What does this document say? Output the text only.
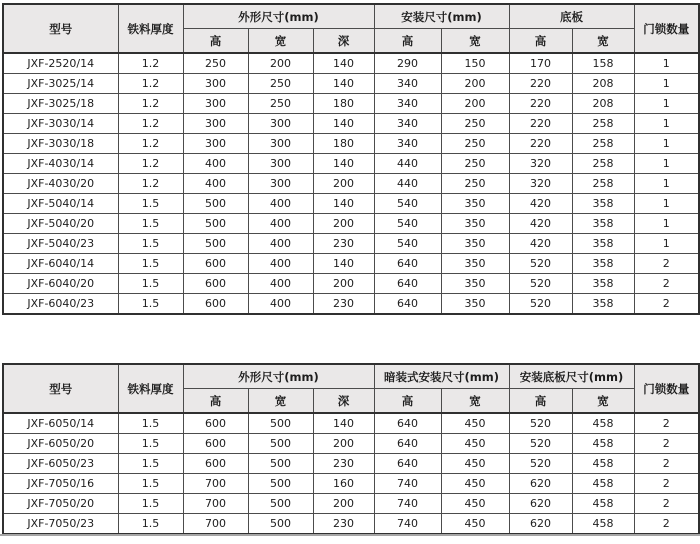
型号	铁料厚度	外形尺寸(mm)			安装尺寸(mm)		底板		门锁数量
		高	宽	深	高	宽	高	宽	
JXF-2520/14	1.2	250	200	140	290	150	170	158	1
JXF-3025/14	1.2	300	250	140	340	200	220	208	1
JXF-3025/18	1.2	300	250	180	340	200	220	208	1
JXF-3030/14	1.2	300	300	140	340	250	220	258	1
JXF-3030/18	1.2	300	300	180	340	250	220	258	1
JXF-4030/14	1.2	400	300	140	440	250	320	258	1
JXF-4030/20	1.2	400	300	200	440	250	320	258	1
JXF-5040/14	1.5	500	400	140	540	350	420	358	1
JXF-5040/20	1.5	500	400	200	540	350	420	358	1
JXF-5040/23	1.5	500	400	230	540	350	420	358	1
JXF-6040/14	1.5	600	400	140	640	350	520	358	2
JXF-6040/20	1.5	600	400	200	640	350	520	358	2
JXF-6040/23	1.5	600	400	230	640	350	520	358	2
型号	铁料厚度	外形尺寸(mm)			暗装式安装尺寸(mm)		安装底板尺寸(mm)		门锁数量
		高	宽	深	高	宽	高	宽	
JXF-6050/14	1.5	600	500	140	640	450	520	458	2
JXF-6050/20	1.5	600	500	200	640	450	520	458	2
JXF-6050/23	1.5	600	500	230	640	450	520	458	2
JXF-7050/16	1.5	700	500	160	740	450	620	458	2
JXF-7050/20	1.5	700	500	200	740	450	620	458	2
JXF-7050/23	1.5	700	500	230	740	450	620	458	2
